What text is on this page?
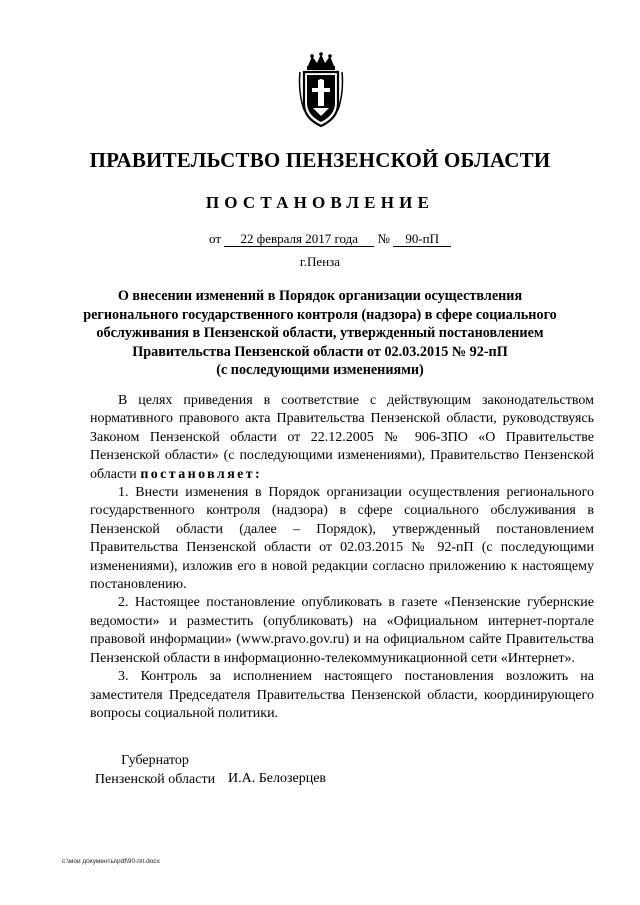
ПРАВИТЕЛЬСТВО ПЕНЗЕНСКОЙ ОБЛАСТИ
ПОСТАНОВЛЕНИЕ
от 22 февраля 2017 года № 90-пП
г.Пенза
О внесении изменений в Порядок организации осуществления
регионального государственного контроля (надзора) в сфере социального
обслуживания в Пензенской области, утвержденный постановлением
Правительства Пензенской области от 02.03.2015 № 92-пП
(с последующими изменениями)

В целях приведения в соответствие с действующим законодательством нормативного правового акта Правительства Пензенской области, руководствуясь Законом Пензенской области от 22.12.2005 № 906-ЗПО «О Правительстве Пензенской области» (с последующими изменениями), Правительство Пензенской области постановляет:

1. Внести изменения в Порядок организации осуществления регионального государственного контроля (надзора) в сфере социального обслуживания в Пензенской области (далее – Порядок), утвержденный постановлением Правительства Пензенской области от 02.03.2015 № 92-пП (с последующими изменениями), изложив его в новой редакции согласно приложению к настоящему постановлению.

2. Настоящее постановление опубликовать в газете «Пензенские губернские ведомости» и разместить (опубликовать) на «Официальном интернет-портале правовой информации» (www.pravo.gov.ru) и на официальном сайте Правительства Пензенской области в информационно-телекоммуникационной сети «Интернет».

3. Контроль за исполнением настоящего постановления возложить на заместителя Председателя Правительства Пензенской области, координирующего вопросы социальной политики.

Губернатор
Пензенской области И.А. Белозерцев
c:\мои документы\pdf\90-пп.docx
